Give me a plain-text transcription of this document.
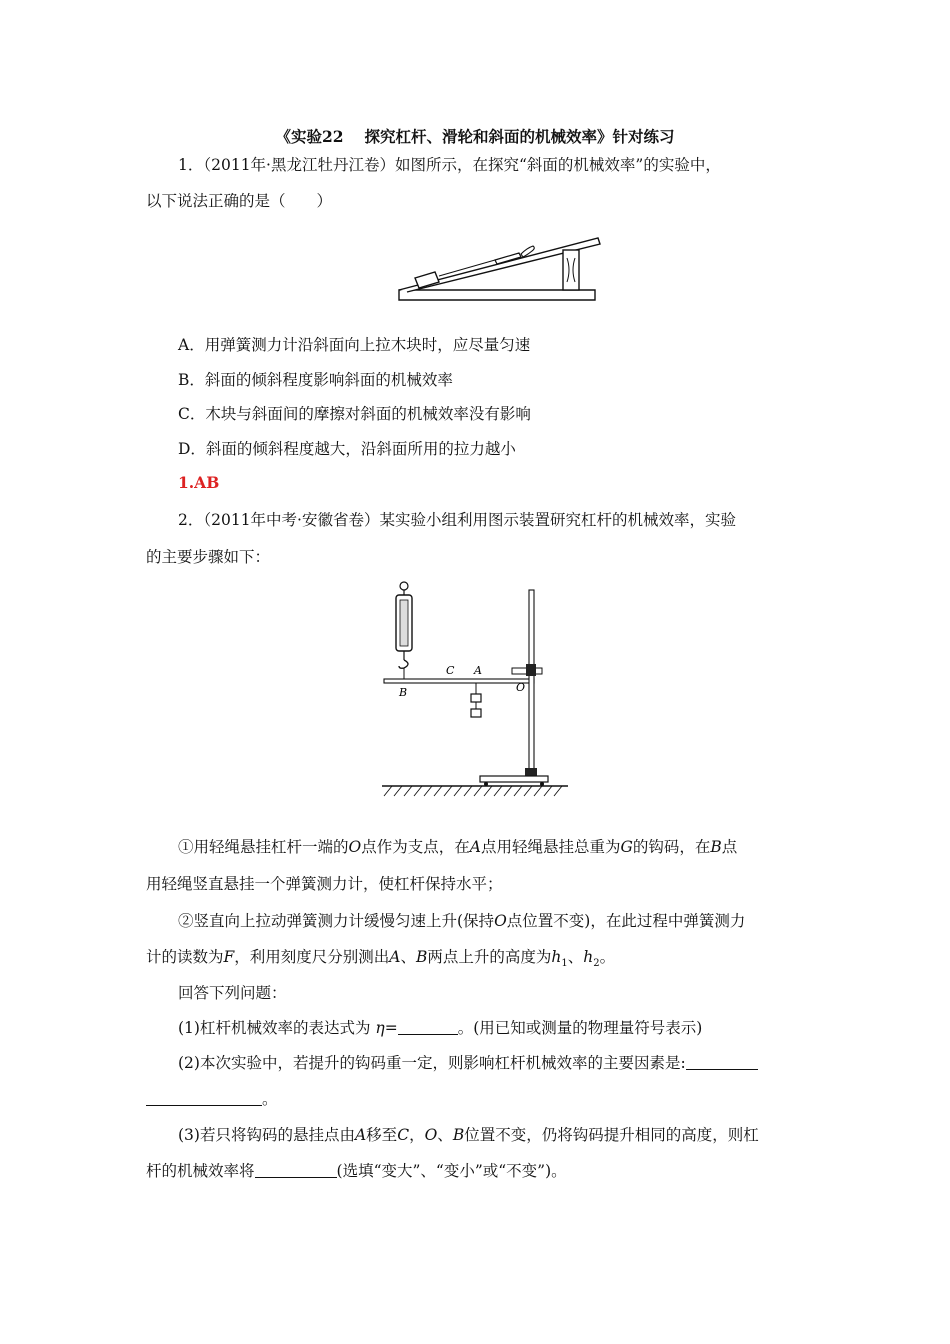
《实验22　 探究杠杆、滑轮和斜面的机械效率》针对练习
1．（2011年·黑龙江牡丹江卷）如图所示，在探究“斜面的机械效率”的实验中，
以下说法正确的是（　　）
A．用弹簧测力计沿斜面向上拉木块时，应尽量匀速
B．斜面的倾斜程度影响斜面的机械效率
C．木块与斜面间的摩擦对斜面的机械效率没有影响
D．斜面的倾斜程度越大，沿斜面所用的拉力越小
1.AB
2．（2011年中考·安徽省卷）某实验小组利用图示装置研究杠杆的机械效率，实验
的主要步骤如下：
C A
B	O
①用轻绳悬挂杠杆一端的O点作为支点，在A点用轻绳悬挂总重为G的钩码，在B点
用轻绳竖直悬挂一个弹簧测力计，使杠杆保持水平；
②竖直向上拉动弹簧测力计缓慢匀速上升(保持O点位置不变)，在此过程中弹簧测力
计的读数为F，利用刻度尺分别测出A、B两点上升的高度为$h_1$、$h_2$。
回答下列问题：
(1)杠杆机械效率的表达式为 η=	。(用已知或测量的物理量符号表示)
(2)本次实验中，若提升的钩码重一定，则影响杠杆机械效率的主要因素是:
。
(3)若只将钩码的悬挂点由A移至C，O、B位置不变，仍将钩码提升相同的高度，则杠
杆的机械效率将	(选填“变大”、“变小”或“不变”)。
